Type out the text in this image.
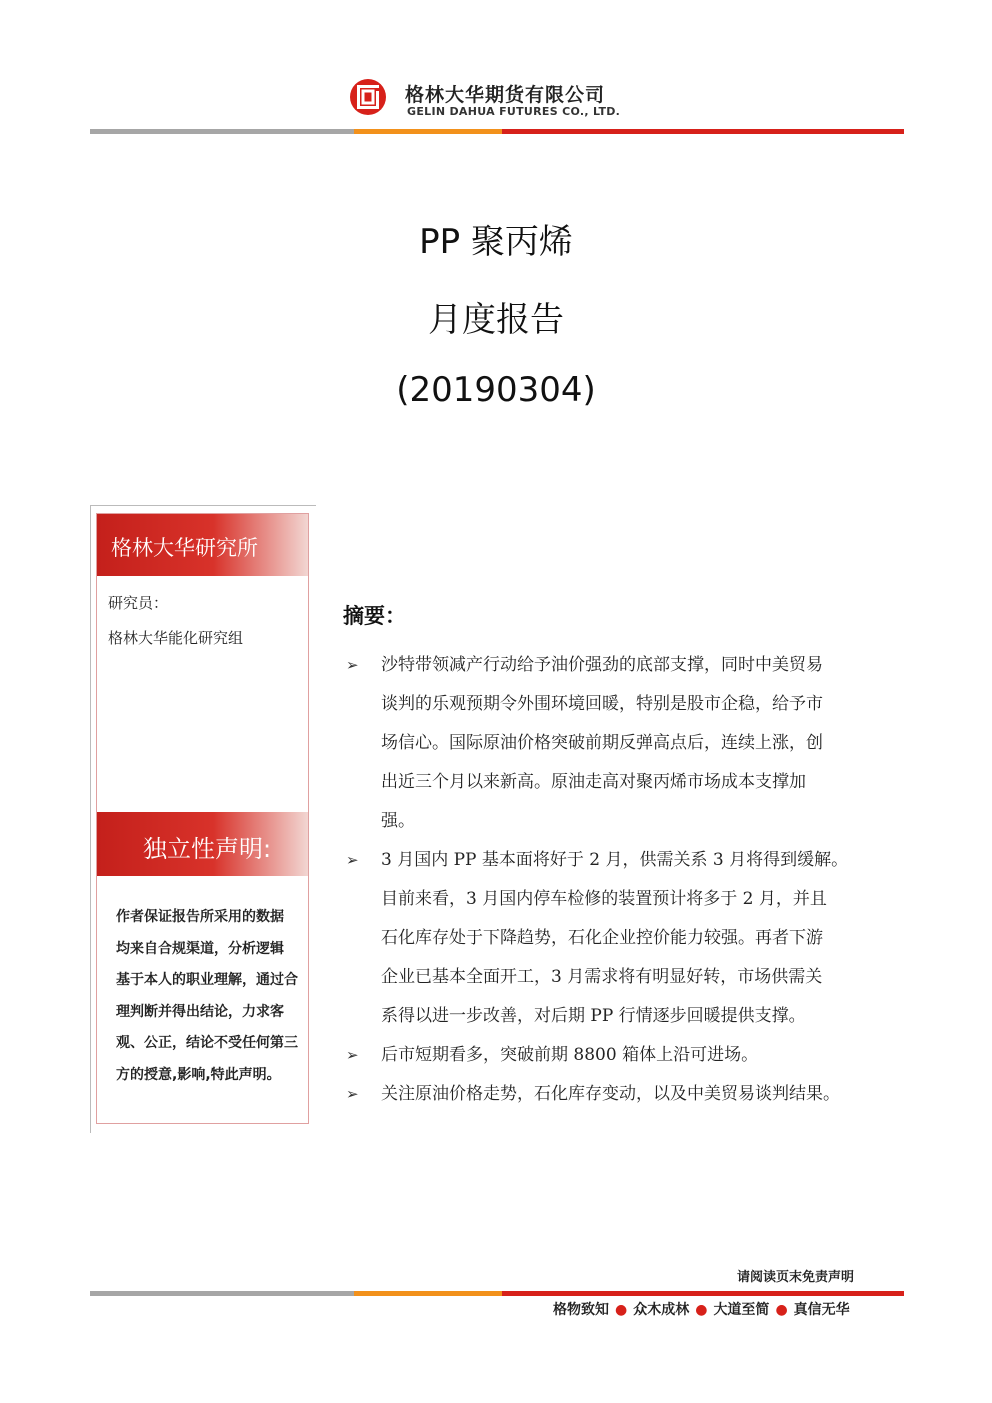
格林大华期货有限公司
GELIN DAHUA FUTURES CO., LTD.
PP 聚丙烯
月度报告
(20190304)
格林大华研究所
研究员：
格林大华能化研究组
独立性声明:
作者保证报告所采用的数据
均来自合规渠道，分析逻辑
基于本人的职业理解，通过合
理判断并得出结论，力求客
观、公正，结论不受任何第三
方的授意,影响,特此声明。
摘要：
➢ 沙特带领减产行动给予油价强劲的底部支撑，同时中美贸易
谈判的乐观预期令外围环境回暖，特别是股市企稳，给予市
场信心。国际原油价格突破前期反弹高点后，连续上涨，创
出近三个月以来新高。原油走高对聚丙烯市场成本支撑加
强。
➢ 3 月国内 PP 基本面将好于 2 月，供需关系 3 月将得到缓解。
目前来看，3 月国内停车检修的装置预计将多于 2 月，并且
石化库存处于下降趋势，石化企业控价能力较强。再者下游
企业已基本全面开工，3 月需求将有明显好转，市场供需关
系得以进一步改善，对后期 PP 行情逐步回暖提供支撑。
➢ 后市短期看多，突破前期 8800 箱体上沿可进场。
➢ 关注原油价格走势，石化库存变动，以及中美贸易谈判结果。
请阅读页末免责声明
格物致知 ● 众木成林 ● 大道至简 ● 真信无华
